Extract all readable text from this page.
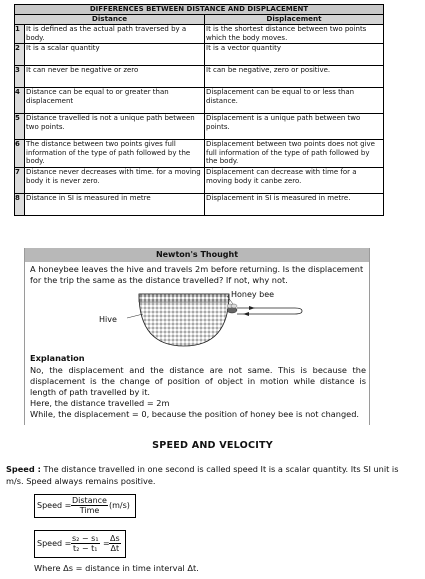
DIFFERENCES BETWEEN DISTANCE AND DISPLACEMENT		
Distance		Displacement
1	It is defined as the actual path traversed by a body.	It is the shortest distance between two points which the body moves.
2	It is a scalar quantity	It is a vector quantity
3	It can never be negative or zero	It can be negative, zero or positive.
4	Distance can be equal to or greater than displacement	Displacement can be equal to or less than distance.
5	Distance travelled is not a unique path between two points.	Displacement is a unique path between two points.
6	The distance between two points gives full information of the type of path followed by the body.	Displacement between two points does not give full information of the type of path followed by the body.
7	Distance never decreases with time. for a moving body it is never zero.	Displacement can decrease with time for a moving body it canbe zero.
8	Distance in SI is measured in metre	Displacement in SI is measured in metre.
Newton's Thought
A honeybee leaves the hive and travels 2m before returning. Is the displacement for the trip the same as the distance travelled? If not, why not.
Honey bee
Hive
Explanation
No, the displacement and the distance are not same. This is because the displacement is the change of position of object in motion while distance is length of path travelled by it.
Here, the distance travelled = 2m
While, the displacement = 0, because the position of honey bee is not changed.
SPEED AND VELOCITY
Speed : The distance travelled in one second is called speed It is a scalar quantity. Its SI unit is m/s. Speed always remains positive.
Speed =
Distance
Time
(m/s)
Speed = $\frac{\text{s₂ − s₁}}{\text{t₂ − t₁}} = \frac{\Delta s}{\Delta t}$
Where Δs = distance in time interval Δt.
